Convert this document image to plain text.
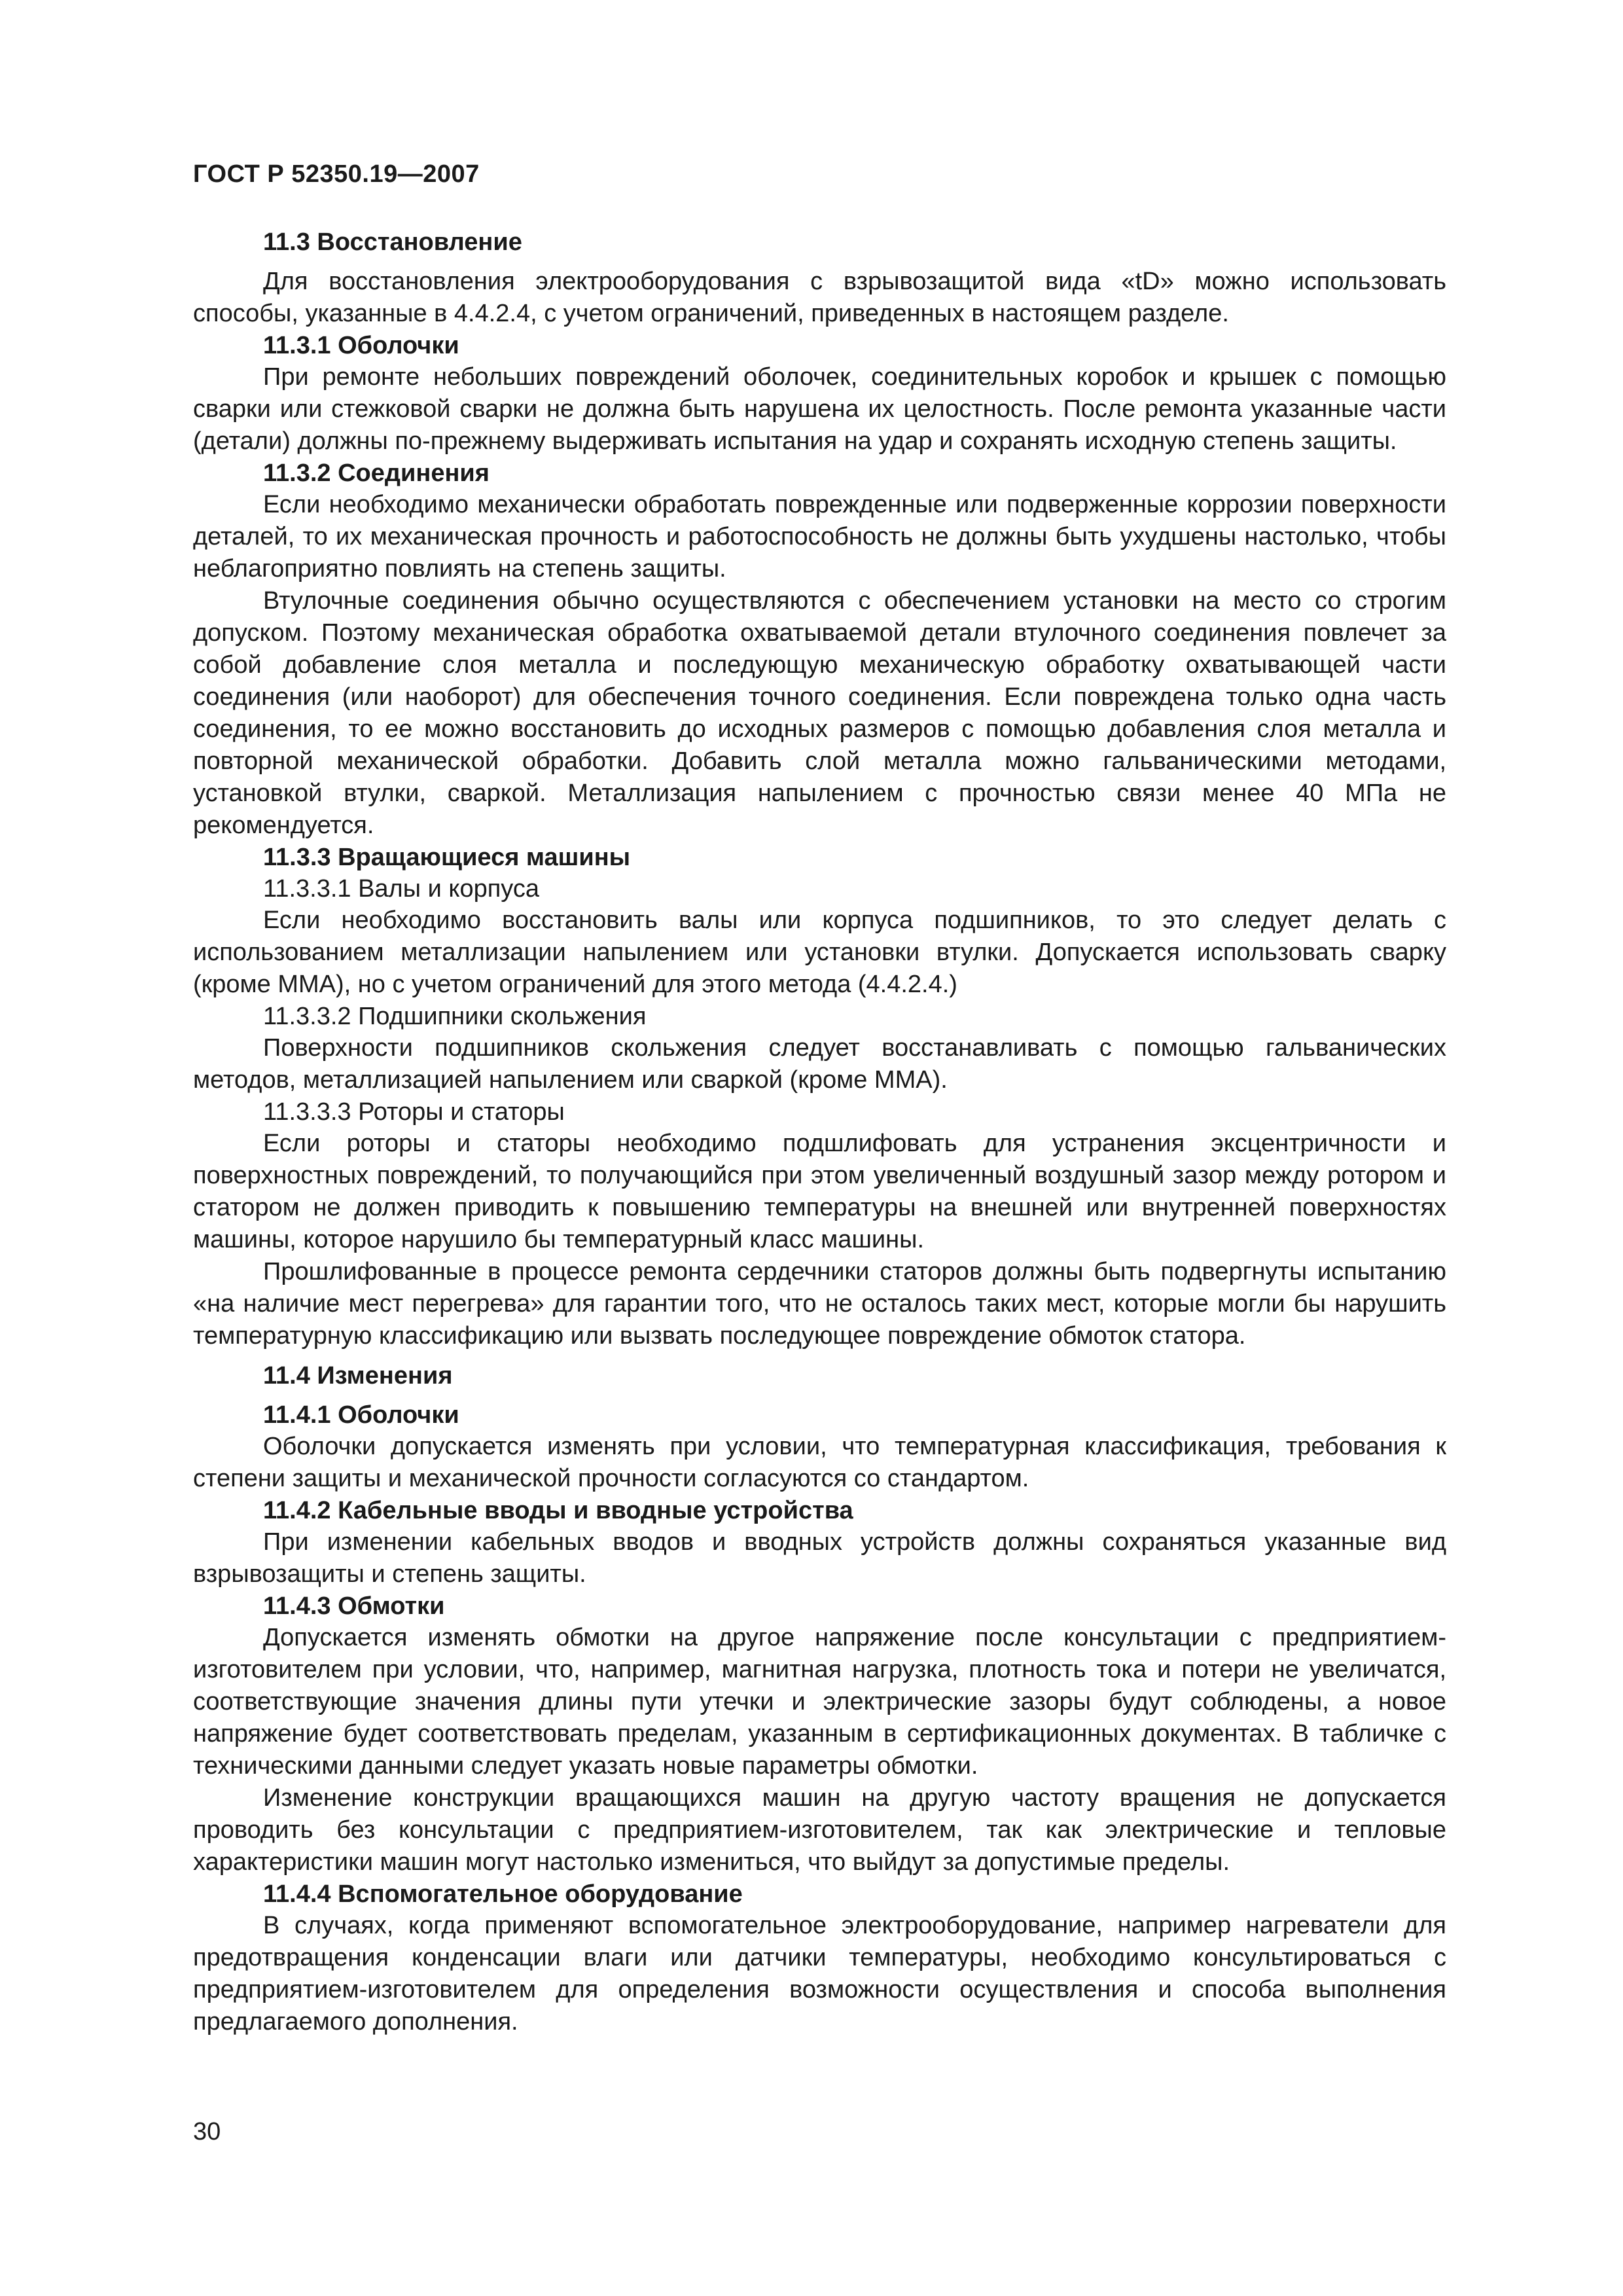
ГОСТ Р 52350.19—2007
11.3 Восстановление
Для восстановления электрооборудования с взрывозащитой вида «tD» можно использовать способы, указанные в 4.4.2.4, с учетом ограничений, приведенных в настоящем разделе.
11.3.1 Оболочки
При ремонте небольших повреждений оболочек, соединительных коробок и крышек с помощью сварки или стежковой сварки не должна быть нарушена их целостность. После ремонта указанные части (детали) должны по-прежнему выдерживать испытания на удар и сохранять исходную степень защиты.
11.3.2 Соединения
Если необходимо механически обработать поврежденные или подверженные коррозии поверхности деталей, то их механическая прочность и работоспособность не должны быть ухудшены настолько, чтобы неблагоприятно повлиять на степень защиты.
Втулочные соединения обычно осуществляются с обеспечением установки на место со строгим допуском. Поэтому механическая обработка охватываемой детали втулочного соединения повлечет за собой добавление слоя металла и последующую механическую обработку охватывающей части соединения (или наоборот) для обеспечения точного соединения. Если повреждена только одна часть соединения, то ее можно восстановить до исходных размеров с помощью добавления слоя металла и повторной механической обработки. Добавить слой металла можно гальваническими методами, установкой втулки, сваркой. Металлизация напылением с прочностью связи менее 40 МПа не рекомендуется.
11.3.3 Вращающиеся машины
11.3.3.1 Валы и корпуса
Если необходимо восстановить валы или корпуса подшипников, то это следует делать с использованием металлизации напылением или установки втулки. Допускается использовать сварку (кроме ММА), но с учетом ограничений для этого метода (4.4.2.4.)
11.3.3.2 Подшипники скольжения
Поверхности подшипников скольжения следует восстанавливать с помощью гальванических методов, металлизацией напылением или сваркой (кроме ММА).
11.3.3.3 Роторы и статоры
Если роторы и статоры необходимо подшлифовать для устранения эксцентричности и поверхностных повреждений, то получающийся при этом увеличенный воздушный зазор между ротором и статором не должен приводить к повышению температуры на внешней или внутренней поверхностях машины, которое нарушило бы температурный класс машины.
Прошлифованные в процессе ремонта сердечники статоров должны быть подвергнуты испытанию «на наличие мест перегрева» для гарантии того, что не осталось таких мест, которые могли бы нарушить температурную классификацию или вызвать последующее повреждение обмоток статора.
11.4 Изменения
11.4.1 Оболочки
Оболочки допускается изменять при условии, что температурная классификация, требования к степени защиты и механической прочности согласуются со стандартом.
11.4.2 Кабельные вводы и вводные устройства
При изменении кабельных вводов и вводных устройств должны сохраняться указанные вид взрывозащиты и степень защиты.
11.4.3 Обмотки
Допускается изменять обмотки на другое напряжение после консультации с предприятием-изготовителем при условии, что, например, магнитная нагрузка, плотность тока и потери не увеличатся, соответствующие значения длины пути утечки и электрические зазоры будут соблюдены, а новое напряжение будет соответствовать пределам, указанным в сертификационных документах. В табличке с техническими данными следует указать новые параметры обмотки.
Изменение конструкции вращающихся машин на другую частоту вращения не допускается проводить без консультации с предприятием-изготовителем, так как электрические и тепловые характеристики машин могут настолько измениться, что выйдут за допустимые пределы.
11.4.4 Вспомогательное оборудование
В случаях, когда применяют вспомогательное электрооборудование, например нагреватели для предотвращения конденсации влаги или датчики температуры, необходимо консультироваться с предприятием-изготовителем для определения возможности осуществления и способа выполнения предлагаемого дополнения.
30
